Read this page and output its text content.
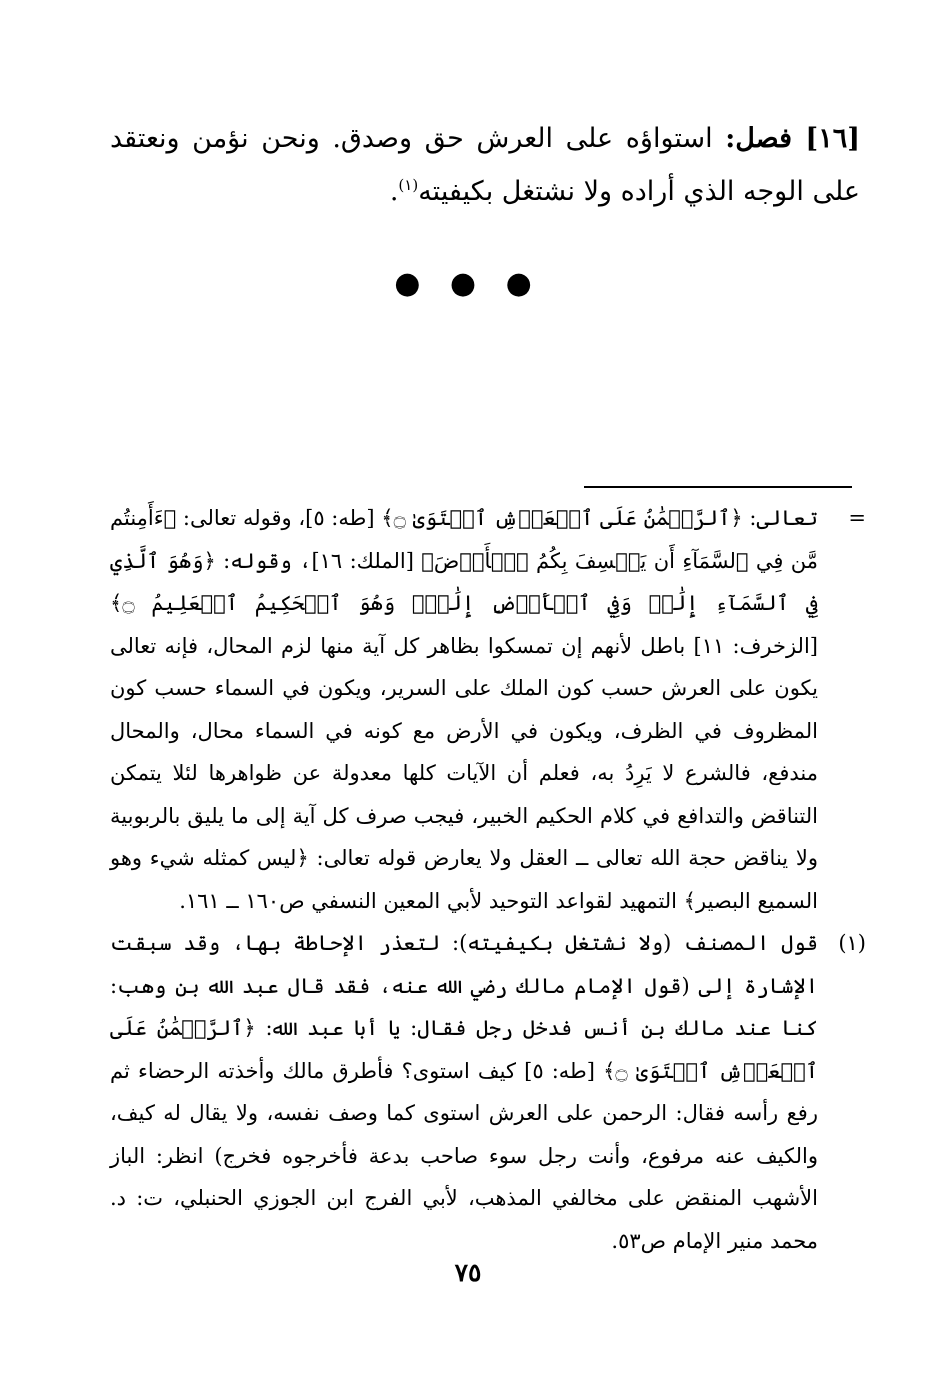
[١٦] فصل: استواؤه على العرش حق وصدق. ونحن نؤمن ونعتقد على الوجه الذي أراده ولا نشتغل بكيفيته$^{(١)}$.
● ● ●
=
تعالى: ﴿ٱلرَّحۡمَٰنُ عَلَى ٱلۡعَرۡشِ ٱسۡتَوَىٰ ۝﴾ [طه: ٥]، وقوله تعالى: ﴿ءَأَمِنتُم مَّن فِي ٱلسَّمَآءِ أَن يَخۡسِفَ بِكُمُ ٱلۡأَرۡضَ﴾ [الملك: ١٦]، وقوله: ﴿وَهُوَ ٱلَّذِي فِي ٱلسَّمَآءِ إِلَٰهٞ وَفِي ٱلۡأَرۡضِ إِلَٰهٞۚ وَهُوَ ٱلۡحَكِيمُ ٱلۡعَلِيمُ ۝﴾ [الزخرف: ١١] باطل لأنهم إن تمسكوا بظاهر كل آية منها لزم المحال، فإنه تعالى يكون على العرش حسب كون الملك على السرير، ويكون في السماء حسب كون المظروف في الظرف، ويكون في الأرض مع كونه في السماء محال، والمحال مندفع، فالشرع لا يَرِدُ به، فعلم أن الآيات كلها معدولة عن ظواهرها لئلا يتمكن التناقض والتدافع في كلام الحكيم الخبير، فيجب صرف كل آية إلى ما يليق بالربوبية ولا يناقض حجة الله تعالى ــ العقل ولا يعارض قوله تعالى: ﴿ليس كمثله شيء وهو السميع البصير﴾ التمهيد لقواعد التوحيد لأبي المعين النسفي ص١٦٠ ــ ١٦١.
(١)
قول المصنف (ولا نشتغل بكيفيته): لتعذر الإحاطة بها، وقد سبقت الإشارة إلى (قول الإمام مالك رضي الله عنه، فقد قال عبد الله بن وهب: كنا عند مالك بن أنس فدخل رجل فقال: يا أبا عبد الله: ﴿ٱلرَّحۡمَٰنُ عَلَى ٱلۡعَرۡشِ ٱسۡتَوَىٰ ۝﴾ [طه: ٥] كيف استوى؟ فأطرق مالك وأخذته الرحضاء ثم رفع رأسه فقال: الرحمن على العرش استوى كما وصف نفسه، ولا يقال له كيف، والكيف عنه مرفوع، وأنت رجل سوء صاحب بدعة فأخرجوه فخرج) انظر: الباز الأشهب المنقض على مخالفي المذهب، لأبي الفرج ابن الجوزي الحنبلي، ت: د. محمد منير الإمام ص٥٣.
٧٥
